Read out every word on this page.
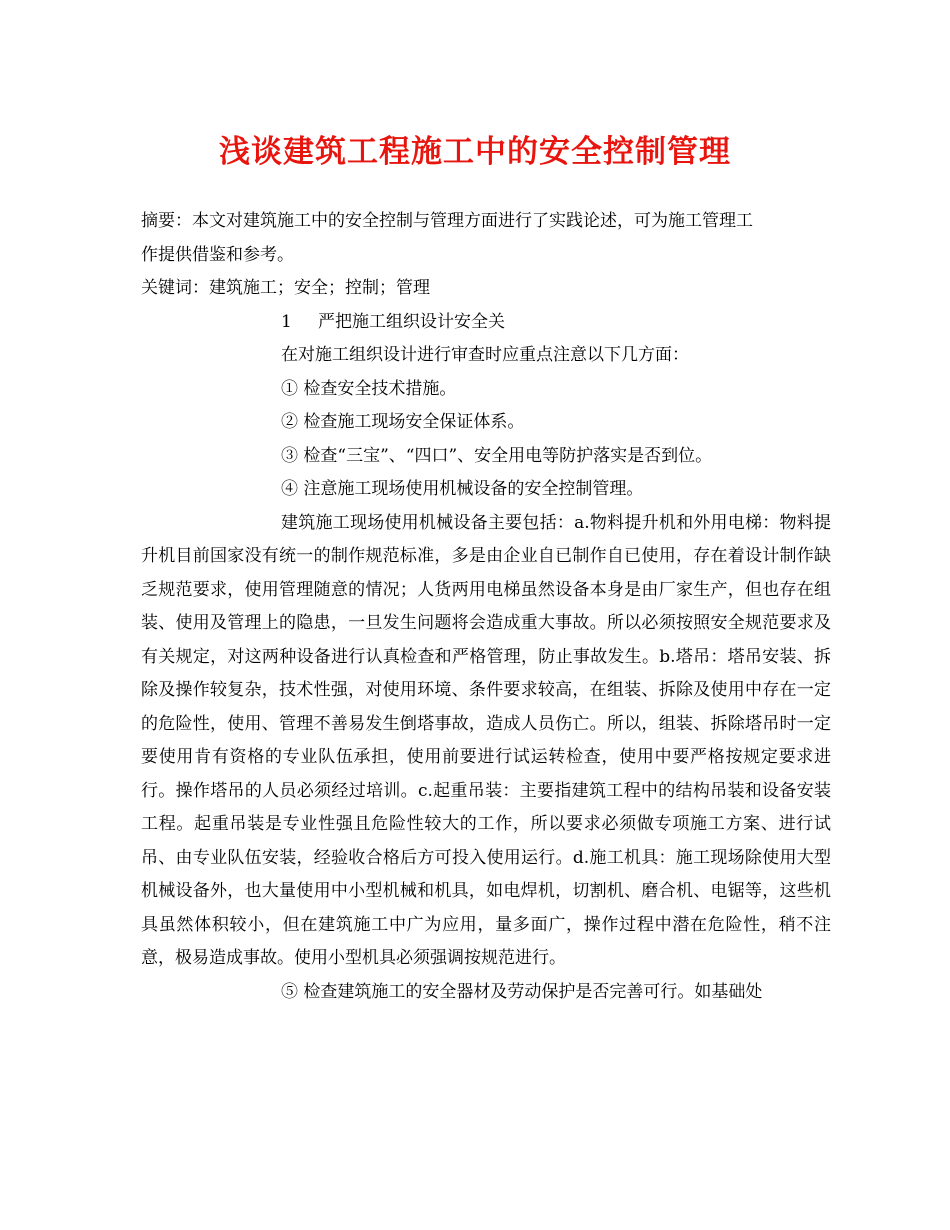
浅谈建筑工程施工中的安全控制管理

摘要：本文对建筑施工中的安全控制与管理方面进行了实践论述，可为施工管理工

作提供借鉴和参考。

关键词：建筑施工；安全；控制；管理

1 严把施工组织设计安全关

在对施工组织设计进行审查时应重点注意以下几方面：

① 检查安全技术措施。

② 检查施工现场安全保证体系。

③ 检查“三宝”、“四口”、安全用电等防护落实是否到位。

④ 注意施工现场使用机械设备的安全控制管理。

建筑施工现场使用机械设备主要包括：a.物料提升机和外用电梯：物料提升机目前国家没有统一的制作规范标准，多是由企业自已制作自已使用，存在着设计制作缺乏规范要求，使用管理随意的情况；人货两用电梯虽然设备本身是由厂家生产，但也存在组装、使用及管理上的隐患，一旦发生问题将会造成重大事故。所以必须按照安全规范要求及有关规定，对这两种设备进行认真检查和严格管理，防止事故发生。b.塔吊：塔吊安装、拆除及操作较复杂，技术性强，对使用环境、条件要求较高，在组装、拆除及使用中存在一定的危险性，使用、管理不善易发生倒塔事故，造成人员伤亡。所以，组装、拆除塔吊时一定要使用肯有资格的专业队伍承担，使用前要进行试运转检查，使用中要严格按规定要求进行。操作塔吊的人员必须经过培训。c.起重吊装：主要指建筑工程中的结构吊装和设备安装工程。起重吊装是专业性强且危险性较大的工作，所以要求必须做专项施工方案、进行试吊、由专业队伍安装，经验收合格后方可投入使用运行。d.施工机具：施工现场除使用大型机械设备外，也大量使用中小型机械和机具，如电焊机，切割机、磨合机、电锯等，这些机具虽然体积较小，但在建筑施工中广为应用，量多面广，操作过程中潜在危险性，稍不注意，极易造成事故。使用小型机具必须强调按规范进行。

⑤ 检查建筑施工的安全器材及劳动保护是否完善可行。如基础处
